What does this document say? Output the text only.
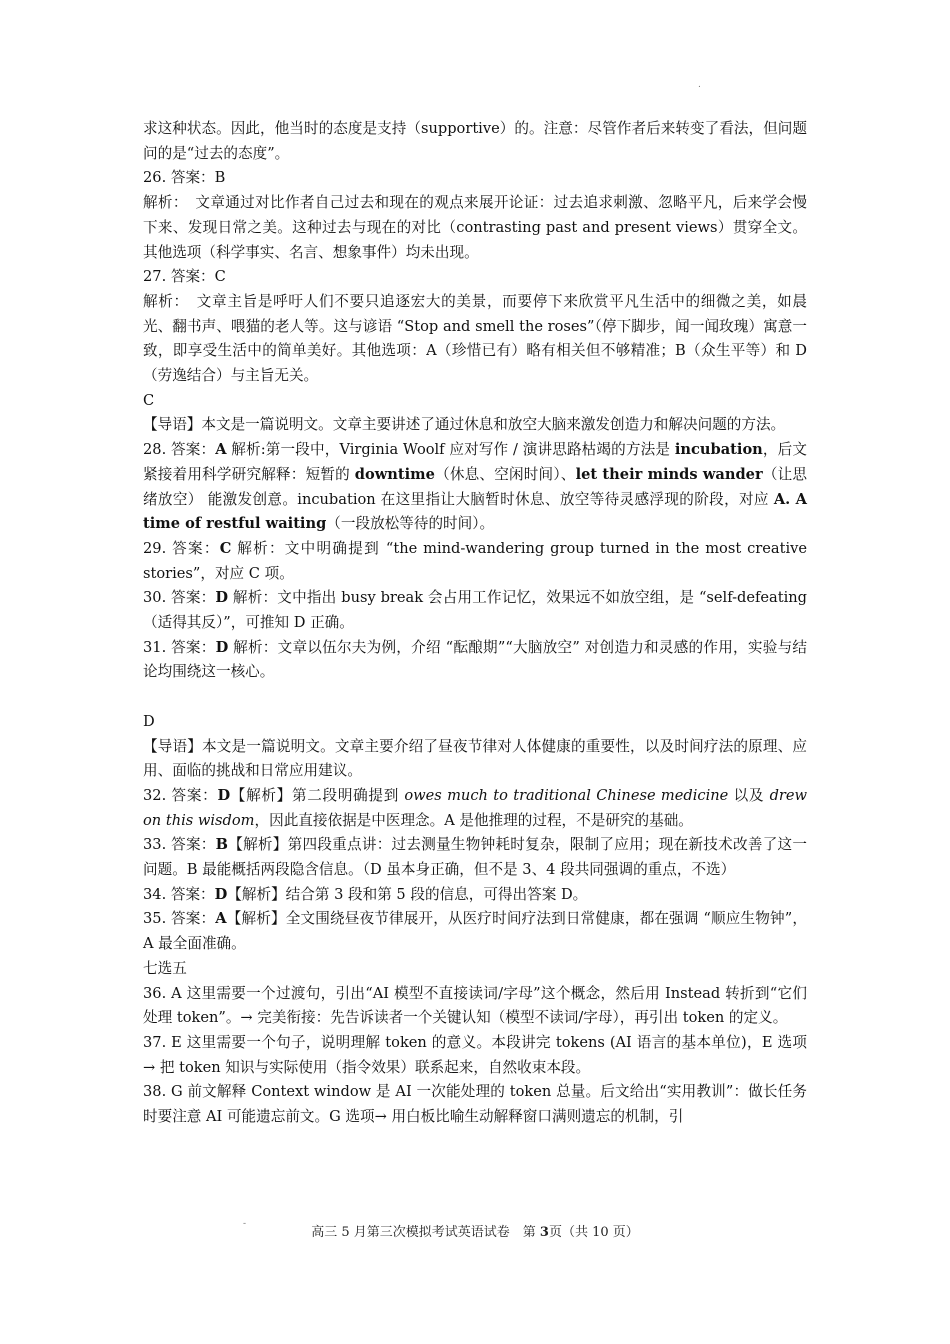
.

求这种状态。因此，他当时的态度是支持（supportive）的。注意：尽管作者后来转变了看法，但问题问的是“过去的态度”。

26. 答案：B

解析：　文章通过对比作者自己过去和现在的观点来展开论证：过去追求刺激、忽略平凡，后来学会慢下来、发现日常之美。这种过去与现在的对比（contrasting past and present views）贯穿全文。其他选项（科学事实、名言、想象事件）均未出现。

27. 答案：C

解析：　文章主旨是呼吁人们不要只追逐宏大的美景，而要停下来欣赏平凡生活中的细微之美，如晨光、翻书声、喂猫的老人等。这与谚语 “Stop and smell the roses”（停下脚步，闻一闻玫瑰）寓意一致，即享受生活中的简单美好。其他选项：A（珍惜已有）略有相关但不够精准；B（众生平等）和 D（劳逸结合）与主旨无关。

C

【导语】本文是一篇说明文。文章主要讲述了通过休息和放空大脑来激发创造力和解决问题的方法。

28. 答案：A 解析:第一段中，Virginia Woolf 应对写作 / 演讲思路枯竭的方法是 incubation，后文紧接着用科学研究解释：短暂的 downtime（休息、空闲时间）、let their minds wander（让思绪放空） 能激发创意。incubation 在这里指让大脑暂时休息、放空等待灵感浮现的阶段，对应 A. A time of restful waiting（一段放松等待的时间）。

29. 答案：C 解析：文中明确提到 “the mind-wandering group turned in the most creative stories”，对应 C 项。

30. 答案：D 解析：文中指出 busy break 会占用工作记忆，效果远不如放空组，是 “self-defeating（适得其反）”，可推知 D 正确。

31. 答案：D 解析：文章以伍尔夫为例，介绍 “酝酿期”“大脑放空” 对创造力和灵感的作用，实验与结论均围绕这一核心。

D

【导语】本文是一篇说明文。文章主要介绍了昼夜节律对人体健康的重要性，以及时间疗法的原理、应用、面临的挑战和日常应用建议。

32. 答案：D【解析】第二段明确提到 owes much to traditional Chinese medicine 以及 drew on this wisdom，因此直接依据是中医理念。A 是他推理的过程，不是研究的基础。

33. 答案：B【解析】第四段重点讲：过去测量生物钟耗时复杂，限制了应用；现在新技术改善了这一问题。B 最能概括两段隐含信息。（D 虽本身正确，但不是 3、4 段共同强调的重点，不选）

34. 答案：D【解析】结合第 3 段和第 5 段的信息，可得出答案 D。

35. 答案：A【解析】全文围绕昼夜节律展开，从医疗时间疗法到日常健康，都在强调 “顺应生物钟”，A 最全面准确。

七选五

36. A 这里需要一个过渡句，引出“AI 模型不直接读词/字母”这个概念，然后用 Instead 转折到“它们处理 token”。→ 完美衔接：先告诉读者一个关键认知（模型不读词/字母），再引出 token 的定义。

37. E 这里需要一个句子，说明理解 token 的意义。本段讲完 tokens (AI 语言的基本单位)，E 选项→ 把 token 知识与实际使用（指令效果）联系起来，自然收束本段。

38. G 前文解释 Context window 是 AI 一次能处理的 token 总量。后文给出“实用教训”：做长任务时要注意 AI 可能遗忘前文。G 选项→ 用白板比喻生动解释窗口满则遗忘的机制，引

-
高三 5 月第三次模拟考试英语试卷　第 3页（共 10 页）
